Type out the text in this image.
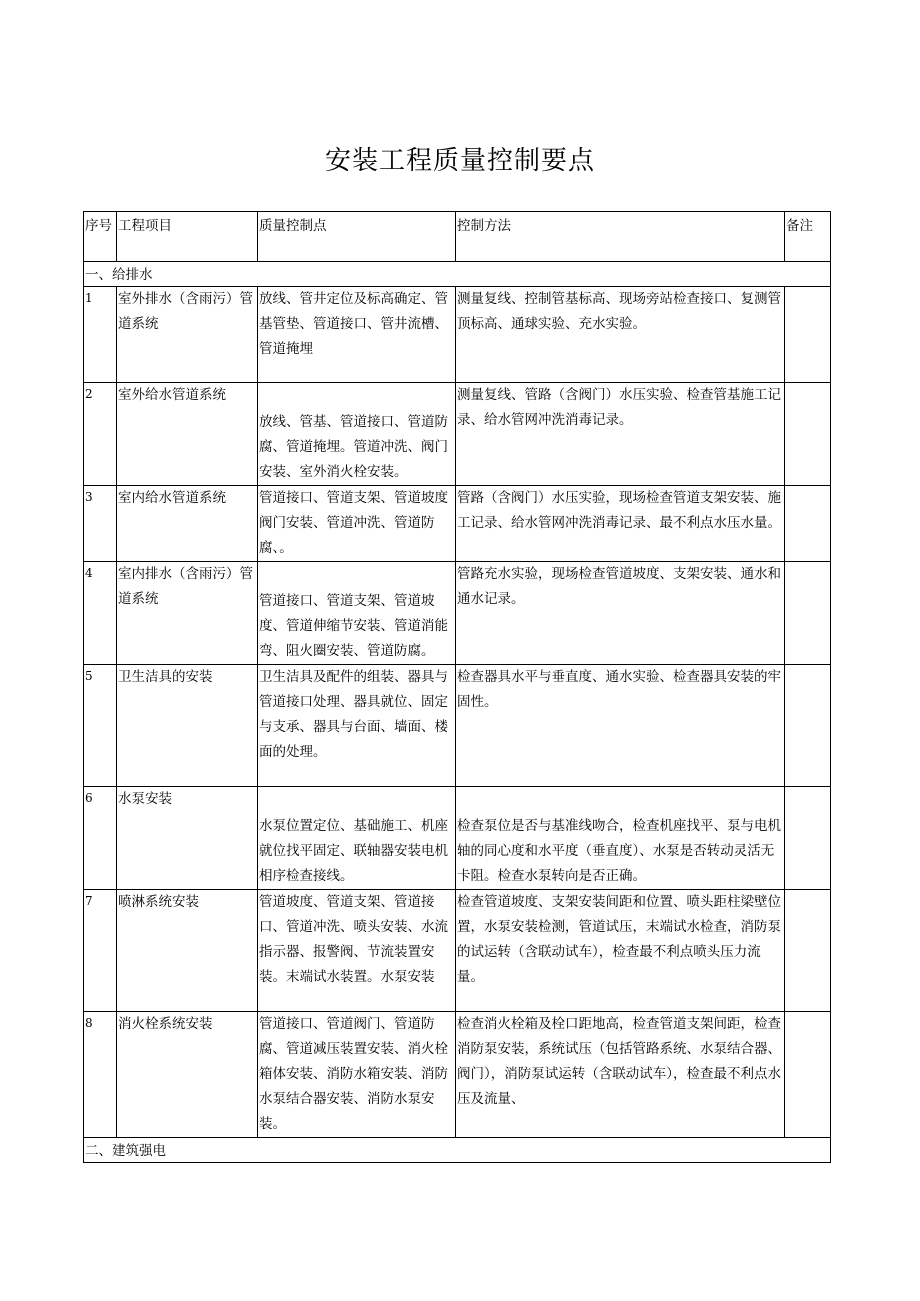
安装工程质量控制要点
序号	工程项目	质量控制点	控制方法	备注
一、给排水				
1	室外排水（含雨污）管道系统	放线、管井定位及标高确定、管基管垫、管道接口、管井流槽、管道掩埋	测量复线、控制管基标高、现场旁站检查接口、复测管顶标高、通球实验、充水实验。	
2	室外给水管道系统	放线、管基、管道接口、管道防腐、管道掩埋。管道冲洗、阀门安装、室外消火栓安装。	测量复线、管路（含阀门）水压实验、检查管基施工记录、给水管网冲洗消毒记录。	
3	室内给水管道系统	管道接口、管道支架、管道坡度阀门安装、管道冲洗、管道防腐、。	管路（含阀门）水压实验，现场检查管道支架安装、施工记录、给水管网冲洗消毒记录、最不利点水压水量。	
4	室内排水（含雨污）管道系统	管道接口、管道支架、管道坡度、管道伸缩节安装、管道消能弯、阻火圈安装、管道防腐。	管路充水实验，现场检查管道坡度、支架安装、通水和通水记录。	
5	卫生洁具的安装	卫生洁具及配件的组装、器具与管道接口处理、器具就位、固定与支承、器具与台面、墙面、楼面的处理。	检查器具水平与垂直度、通水实验、检查器具安装的牢固性。	
6	水泵安装	水泵位置定位、基础施工、机座就位找平固定、联轴器安装电机相序检查接线。	检查泵位是否与基准线吻合，检查机座找平、泵与电机轴的同心度和水平度（垂直度）、水泵是否转动灵活无卡阻。检查水泵转向是否正确。	
7	喷淋系统安装	管道坡度、管道支架、管道接口、管道冲洗、喷头安装、水流指示器、报警阀、节流装置安装。末端试水装置。水泵安装	检查管道坡度、支架安装间距和位置、喷头距柱梁壁位置，水泵安装检测，管道试压，末端试水检查，消防泵的试运转（含联动试车），检查最不利点喷头压力流量。	
8	消火栓系统安装	管道接口、管道阀门、管道防腐、管道减压装置安装、消火栓箱体安装、消防水箱安装、消防水泵结合器安装、消防水泵安装。	检查消火栓箱及栓口距地高，检查管道支架间距，检查消防泵安装，系统试压（包括管路系统、水泵结合器、阀门），消防泵试运转（含联动试车），检查最不利点水压及流量、	
二、建筑强电				
